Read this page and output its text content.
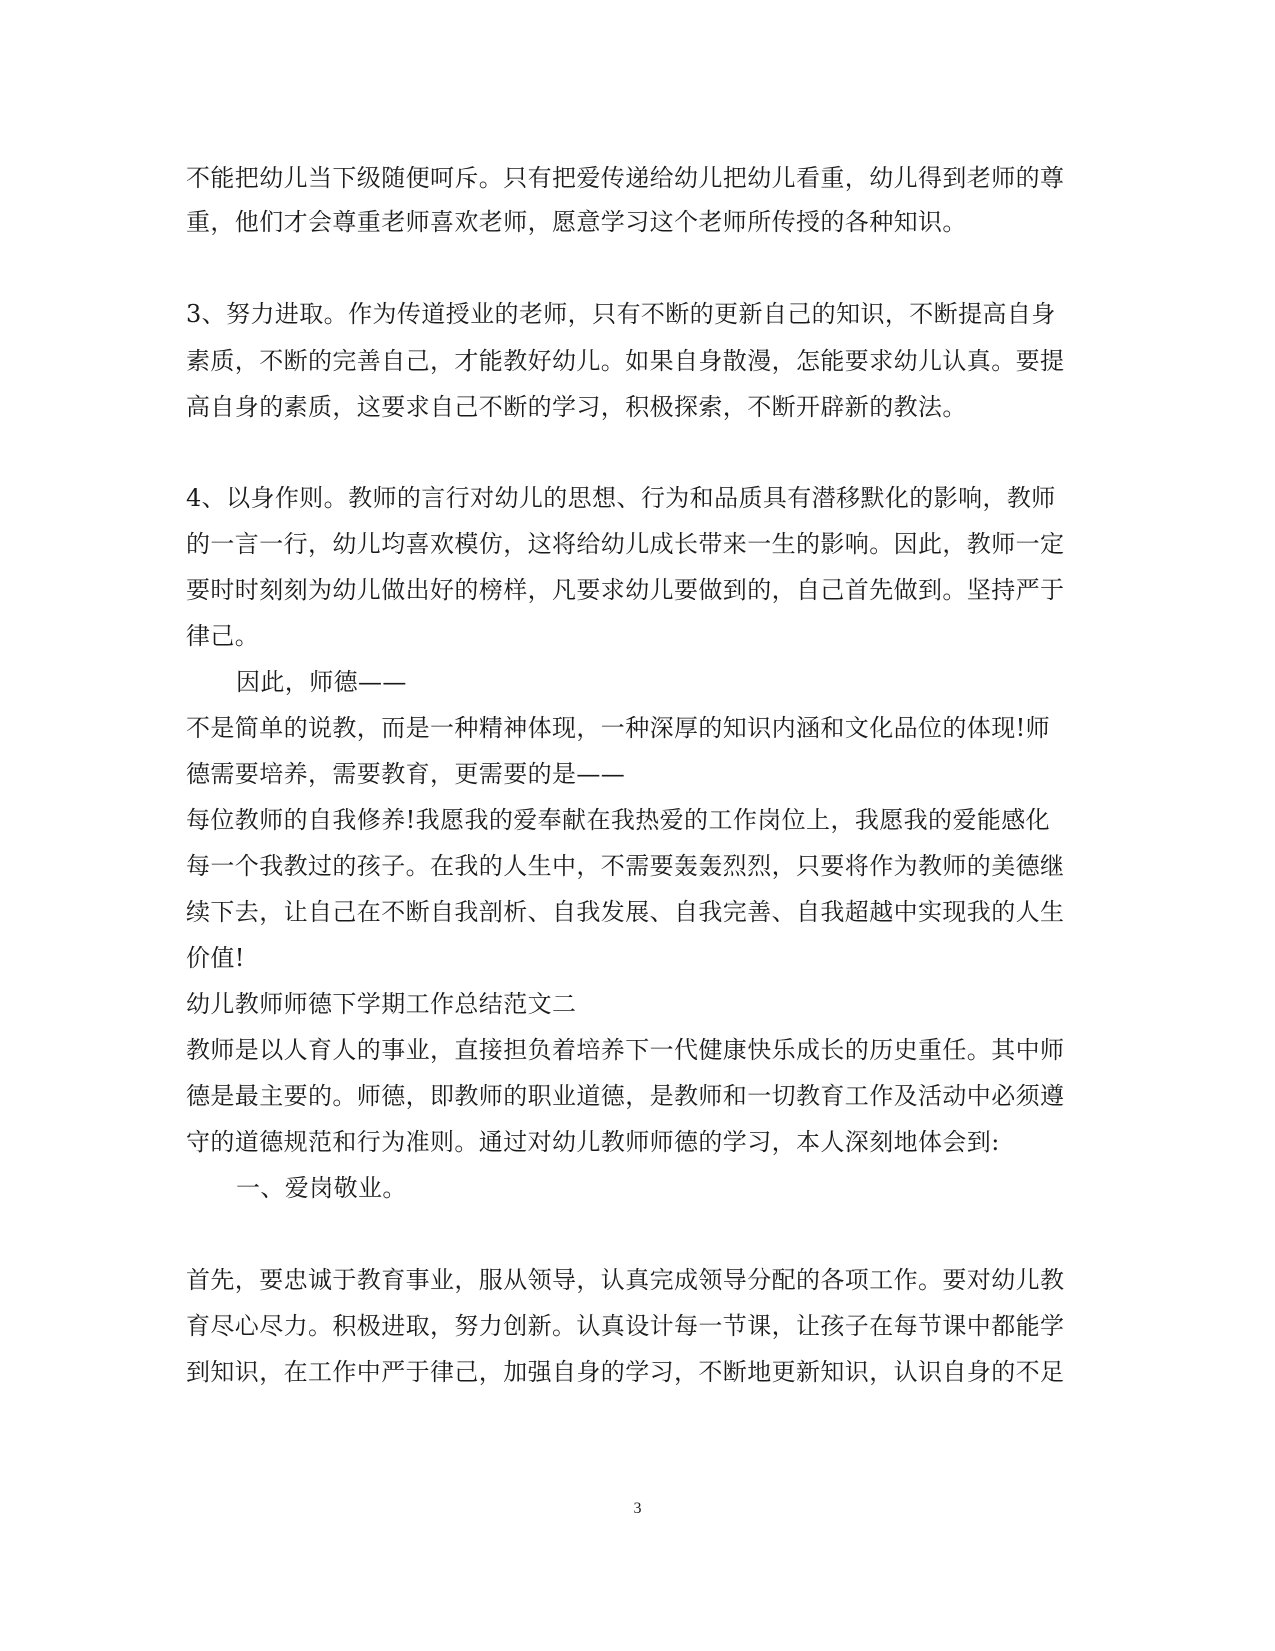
不能把幼儿当下级随便呵斥。只有把爱传递给幼儿把幼儿看重，幼儿得到老师的尊
重，他们才会尊重老师喜欢老师，愿意学习这个老师所传授的各种知识。
3、努力进取。作为传道授业的老师，只有不断的更新自己的知识，不断提高自身
素质，不断的完善自己，才能教好幼儿。如果自身散漫，怎能要求幼儿认真。要提
高自身的素质，这要求自己不断的学习，积极探索，不断开辟新的教法。
4、以身作则。教师的言行对幼儿的思想、行为和品质具有潜移默化的影响，教师
的一言一行，幼儿均喜欢模仿，这将给幼儿成长带来一生的影响。因此，教师一定
要时时刻刻为幼儿做出好的榜样，凡要求幼儿要做到的，自己首先做到。坚持严于
律己。
因此，师德——
不是简单的说教，而是一种精神体现，一种深厚的知识内涵和文化品位的体现!师
德需要培养，需要教育，更需要的是——
每位教师的自我修养!我愿我的爱奉献在我热爱的工作岗位上，我愿我的爱能感化
每一个我教过的孩子。在我的人生中，不需要轰轰烈烈，只要将作为教师的美德继
续下去，让自己在不断自我剖析、自我发展、自我完善、自我超越中实现我的人生
价值!
幼儿教师师德下学期工作总结范文二
教师是以人育人的事业，直接担负着培养下一代健康快乐成长的历史重任。其中师
德是最主要的。师德，即教师的职业道德，是教师和一切教育工作及活动中必须遵
守的道德规范和行为准则。通过对幼儿教师师德的学习，本人深刻地体会到:
一、爱岗敬业。
首先，要忠诚于教育事业，服从领导，认真完成领导分配的各项工作。要对幼儿教
育尽心尽力。积极进取，努力创新。认真设计每一节课，让孩子在每节课中都能学
到知识，在工作中严于律己，加强自身的学习，不断地更新知识，认识自身的不足
3
